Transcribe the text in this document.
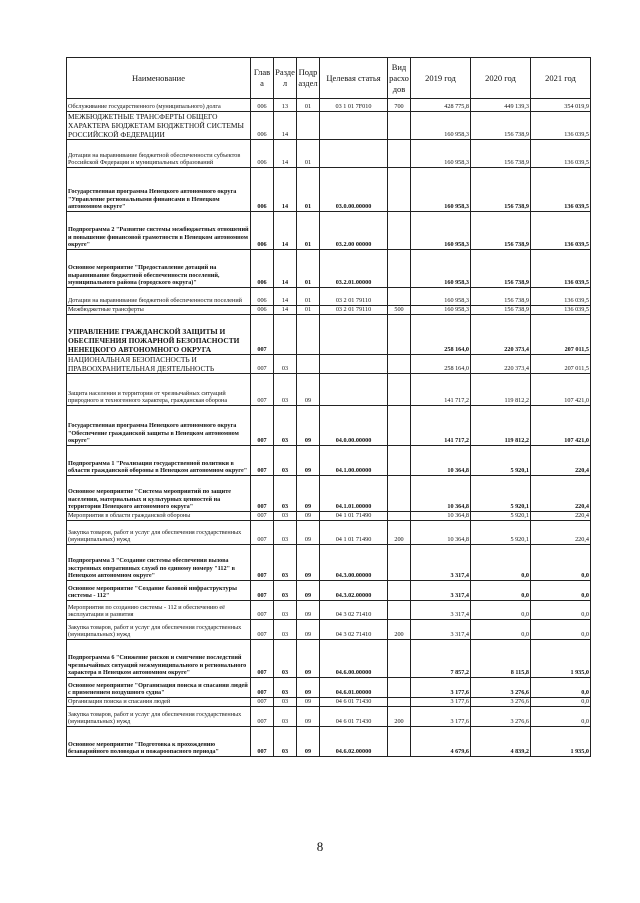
Наименование	Глав а	Разде л	Подр аздел	Целевая статья	Вид расхо дов	2019 год	2020 год	2021 год
Обслуживание государственного (муниципального) долга	006	13	01	03 1 01 7F010	700	428 775,8	449 139,3	354 019,9
МЕЖБЮДЖЕТНЫЕ ТРАНСФЕРТЫ ОБЩЕГО ХАРАКТЕРА БЮДЖЕТАМ БЮДЖЕТНОЙ СИСТЕМЫ РОССИЙСКОЙ ФЕДЕРАЦИИ	006	14				160 958,3	156 738,9	136 039,5
Дотации на выравнивание бюджетной обеспеченности субъектов Российской Федерации и муниципальных образований	006	14	01			160 958,3	156 738,9	136 039,5
Государственная программа Ненецкого автономного округа "Управление региональными финансами в Ненецком автономном округе"	006	14	01	03.0.00.00000		160 958,3	156 738,9	136 039,5
Подпрограмма 2 "Развитие системы межбюджетных отношений и повышение финансовой грамотности в Ненецком автономном округе"	006	14	01	03.2.00 00000		160 958,3	156 738,9	136 039,5
Основное мероприятие "Предоставление дотаций на выравнивание бюджетной обеспеченности поселений, муниципального района (городского округа)"	006	14	01	03.2.01.00000		160 958,3	156 738,9	136 039,5
Дотации на выравнивание бюджетной обеспеченности поселений	006	14	01	03 2 01 79110		160 958,3	156 738,9	136 039,5
Межбюджетные трансферты	006	14	01	03 2 01 79110	500	160 958,3	156 738,9	136 039,5
УПРАВЛЕНИЕ ГРАЖДАНСКОЙ ЗАЩИТЫ И ОБЕСПЕЧЕНИЯ ПОЖАРНОЙ БЕЗОПАСНОСТИ НЕНЕЦКОГО АВТОНОМНОГО ОКРУГА	007					258 164,0	220 373,4	207 011,5
НАЦИОНАЛЬНАЯ БЕЗОПАСНОСТЬ И ПРАВООХРАНИТЕЛЬНАЯ ДЕЯТЕЛЬНОСТЬ	007	03				258 164,0	220 373,4	207 011,5
Защита населения и территории от чрезвычайных ситуаций природного и техногенного характера, гражданская оборона	007	03	09			141 717,2	119 812,2	107 421,0
Государственная программа Ненецкого автономного округа "Обеспечение гражданской защиты в Ненецком автономном округе"	007	03	09	04.0.00.00000		141 717,2	119 812,2	107 421,0
Подпрограмма 1 "Реализация государственной политики в области гражданской обороны в Ненецком автономном округе"	007	03	09	04.1.00.00000		10 364,8	5 920,1	220,4
Основное мероприятие "Система мероприятий по защите населения, материальных и культурных ценностей на территории Ненецкого автономного округа"	007	03	09	04.1.01.00000		10 364,8	5 920,1	220,4
Мероприятия в области гражданской обороны	007	03	09	04 1 01 71490		10 364,8	5 920,1	220,4
Закупка товаров, работ и услуг для обеспечения государственных (муниципальных) нужд	007	03	09	04 1 01 71490	200	10 364,8	5 920,1	220,4
Подпрограмма 3 "Создание системы обеспечения вызова экстренных оперативных служб по единому номеру "112" в Ненецком автономном округе"	007	03	09	04.3.00.00000		3 317,4	0,0	0,0
Основное мероприятие "Создание базовой инфраструктуры системы - 112"	007	03	09	04.3.02.00000		3 317,4	0,0	0,0
Мероприятия по созданию системы - 112 и обеспечению её эксплуатации и развития	007	03	09	04 3 02 71410		3 317,4	0,0	0,0
Закупка товаров, работ и услуг для обеспечения государственных (муниципальных) нужд	007	03	09	04 3 02 71410	200	3 317,4	0,0	0,0
Подпрограмма 6 "Снижение рисков и смягчение последствий чрезвычайных ситуаций межмуниципального и регионального характера в Ненецком автономном округе"	007	03	09	04.6.00.00000		7 857,2	8 115,8	1 935,0
Основное мероприятие "Организация поиска и спасания людей с применением воздушного судна"	007	03	09	04.6.01.00000		3 177,6	3 276,6	0,0
Организация поиска и спасания людей	007	03	09	04 6 01 71430		3 177,6	3 276,6	0,0
Закупка товаров, работ и услуг для обеспечения государственных (муниципальных) нужд	007	03	09	04 6 01 71430	200	3 177,6	3 276,6	0,0
Основное мероприятие "Подготовка к прохождению безаварийного половодья и пожароопасного периода"	007	03	09	04.6.02.00000		4 679,6	4 839,2	1 935,0
8
